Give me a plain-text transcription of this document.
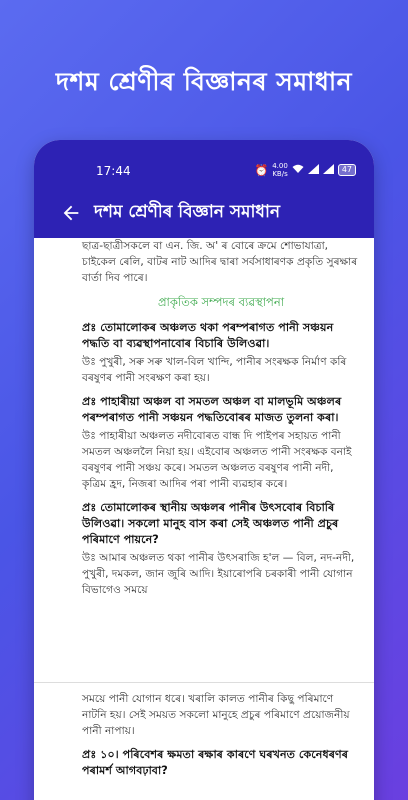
দশম শ্ৰেণীৰ বিজ্ঞানৰ সমাধান
17:44	⏰ 4.00
KB/s	47
দশম শ্ৰেণীৰ বিজ্ঞান সমাধান

ছাত্ৰ-ছাত্ৰীসকলে বা এন. জি. অ' ৰ বোৰে ক্ৰমে শোভাযাত্ৰা, চাইকেল ৰেলি, বাটৰ নাট আদিৰ দ্বাৰা সৰ্বসাধাৰণক প্ৰকৃতি সুৰক্ষাৰ বাৰ্তা দিব পাৰে।

প্ৰাকৃতিক সম্পদৰ ব্যৱস্থাপনা
প্ৰঃ তোমালোকৰ অঞ্চলত থকা পৰম্পৰাগত পানী সঞ্চয়ন পদ্ধতি বা ব্যৱস্থাপনাবোৰ বিচাৰি উলিওৱা।
উঃ পুখুৰী, সৰু সৰু খাল-বিল খান্দি, পানীৰ সংৰক্ষক নিৰ্মাণ কৰি বৰষুণৰ পানী সংৰক্ষণ কৰা হয়।
প্ৰঃ পাহাৰীয়া অঞ্চল বা সমতল অঞ্চল বা মালভূমি অঞ্চলৰ পৰম্পৰাগত পানী সঞ্চয়ন পদ্ধতিবোৰৰ মাজত তুলনা কৰা।
উঃ পাহাৰীয়া অঞ্চলত নদীবোৰত বান্ধ দি পাইপৰ সহায়ত পানী সমতল অঞ্চললৈ নিয়া হয়। এইবোৰ অঞ্চলত পানী সংৰক্ষক বনাই বৰষুণৰ পানী সঞ্চয় কৰে। সমতল অঞ্চলত বৰষুণৰ পানী নদী, কৃত্ৰিম হ্ৰদ, নিজৰা আদিৰ পৰা পানী ব্যৱহাৰ কৰে।
প্ৰঃ তোমালোকৰ স্থানীয় অঞ্চলৰ পানীৰ উৎসবোৰ বিচাৰি উলিওৱা। সকলো মানুহ বাস কৰা সেই অঞ্চলত পানী প্ৰচুৰ পৰিমাণে পায়নে?
উঃ আমাৰ অঞ্চলত থকা পানীৰ উৎসৰাজি হ'ল — বিল, নদ-নদী, পুখুৰী, দমকল, জান জুৰি আদি। ইয়াৰোপৰি চৰকাৰী পানী যোগান বিভাগেও সময়ে
সময়ে পানী যোগান ধৰে। খৰালি কালত পানীৰ কিছু পৰিমাণে নাটনি হয়। সেই সময়ত সকলো মানুহে প্ৰচুৰ পৰিমাণে প্ৰয়োজনীয় পানী নাপায়।
প্ৰঃ ১০। পৰিবেশৰ ক্ষমতা ৰক্ষাৰ কাৰণে ঘৰখনত কেনেধৰণৰ পৰামৰ্শ আগবঢ়াবা?
